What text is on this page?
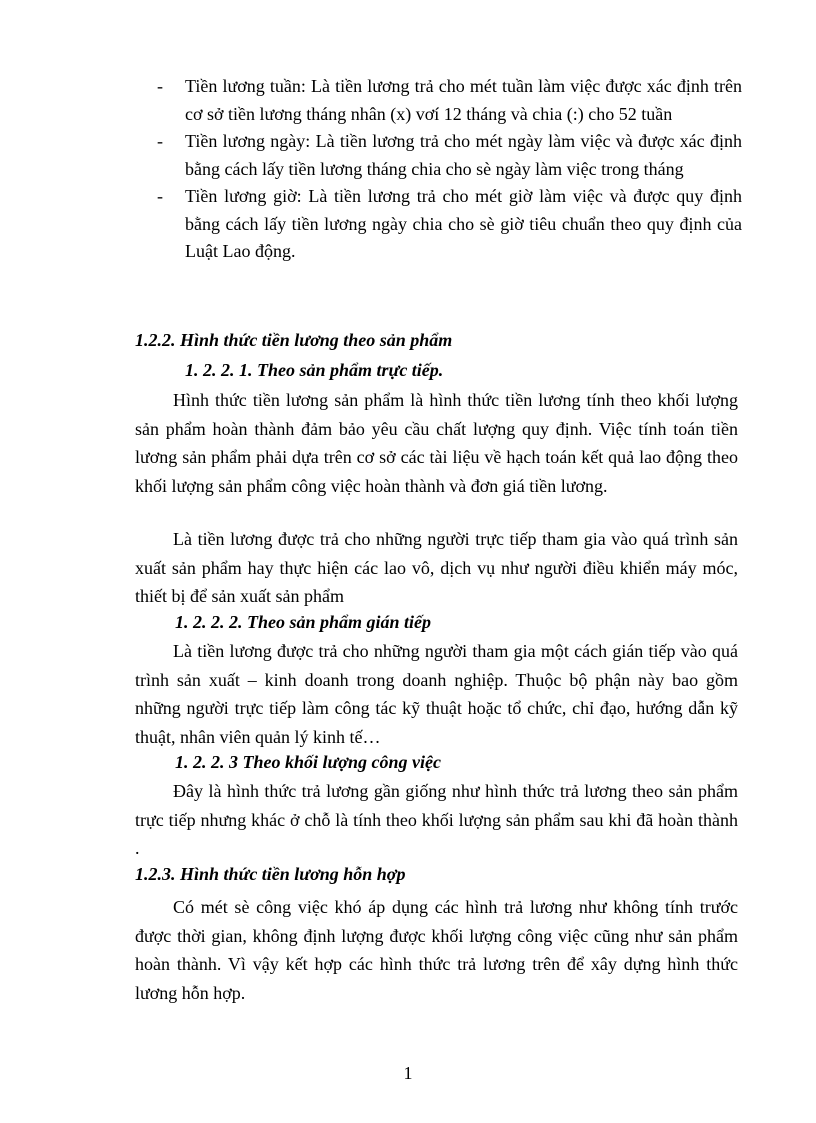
- Tiền lương tuần: Là tiền lương trả cho mét tuần làm việc được xác định trên cơ sở tiền lương tháng nhân (x) vơí 12 tháng và chia (:) cho 52 tuần
- Tiền lương ngày: Là tiền lương trả cho mét ngày làm việc và được xác định bằng cách lấy tiền lương tháng chia cho sè ngày làm việc trong tháng
- Tiền lương giờ: Là tiền lương trả cho mét giờ làm việc và được quy định bằng cách lấy tiền lương ngày chia cho sè giờ tiêu chuẩn theo quy định của Luật Lao động.
1.2.2. Hình thức tiền lương theo sản phẩm
1. 2. 2. 1. Theo sản phẩm trực tiếp.

Hình thức tiền lương sản phẩm là hình thức tiền lương tính theo khối lượng sản phẩm hoàn thành đảm bảo yêu cầu chất lượng quy định. Việc tính toán tiền lương sản phẩm phải dựa trên cơ sở các tài liệu về hạch toán kết quả lao động theo khối lượng sản phẩm công việc hoàn thành và đơn giá tiền lương.

Là tiền lương được trả cho những người trực tiếp tham gia vào quá trình sản xuất sản phẩm hay thực hiện các lao vô, dịch vụ như người điều khiển máy móc, thiết bị để sản xuất sản phẩm

1. 2. 2. 2. Theo sản phẩm gián tiếp

Là tiền lương được trả cho những người tham gia một cách gián tiếp vào quá trình sản xuất – kinh doanh trong doanh nghiệp. Thuộc bộ phận này bao gồm những người trực tiếp làm công tác kỹ thuật hoặc tổ chức, chỉ đạo, hướng dẫn kỹ thuật, nhân viên quản lý kinh tế…

1. 2. 2. 3 Theo khối lượng công việc

Đây là hình thức trả lương gần giống như hình thức trả lương theo sản phẩm trực tiếp nhưng khác ở chỗ là tính theo khối lượng sản phẩm sau khi đã hoàn thành .

1.2.3. Hình thức tiền lương hỗn hợp

Có mét sè công việc khó áp dụng các hình trả lương như không tính trước được thời gian, không định lượng được khối lượng công việc cũng như sản phẩm hoàn thành. Vì vậy kết hợp các hình thức trả lương trên để xây dựng hình thức lương hỗn hợp.

1
